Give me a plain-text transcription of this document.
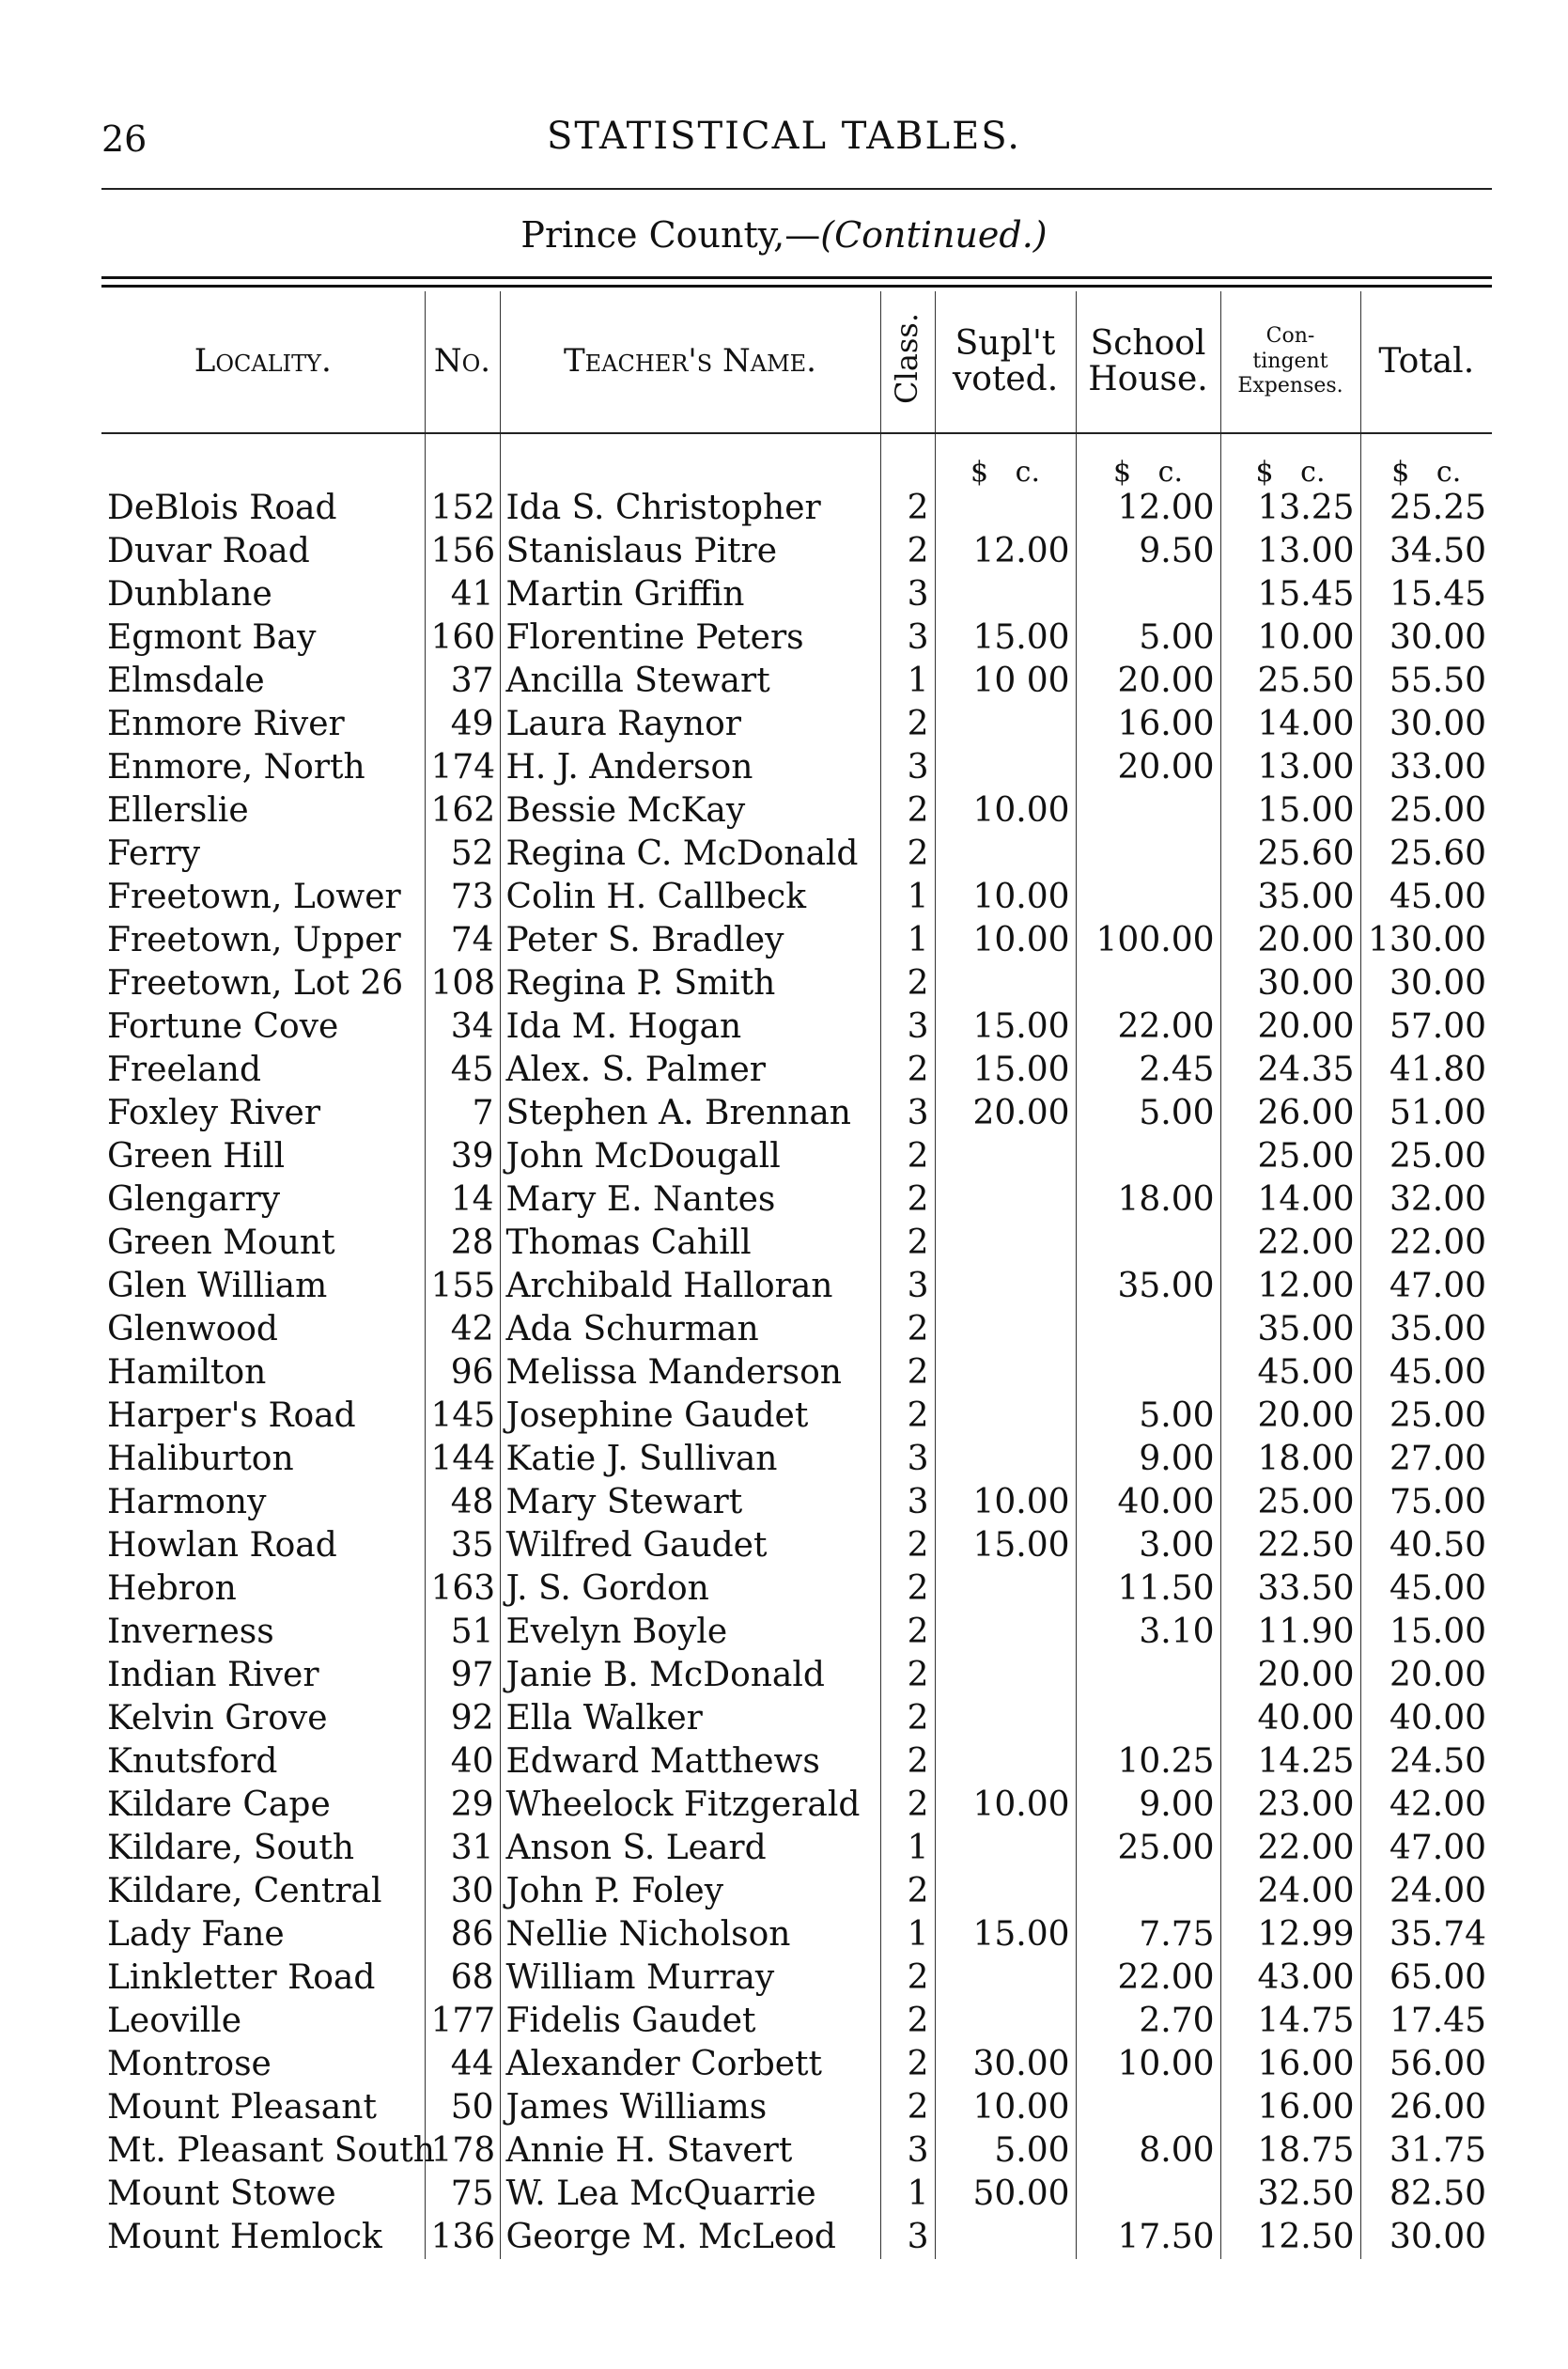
26	STATISTICAL TABLES.
Prince County,—(Continued.)
Locality.	No.	Teacher's Name.	Class.	Supl't
voted.	School
House.	Con-
tingent
Expenses.	Total.
				$ c.	$ c.	$ c.	$ c.
DeBlois Road	152	Ida S. Christopher	2		12.00	13.25	25.25
Duvar Road	156	Stanislaus Pitre	2	12.00	9.50	13.00	34.50
Dunblane	41	Martin Griffin	3			15.45	15.45
Egmont Bay	160	Florentine Peters	3	15.00	5.00	10.00	30.00
Elmsdale	37	Ancilla Stewart	1	10 00	20.00	25.50	55.50
Enmore River	49	Laura Raynor	2		16.00	14.00	30.00
Enmore, North	174	H. J. Anderson	3		20.00	13.00	33.00
Ellerslie	162	Bessie McKay	2	10.00		15.00	25.00
Ferry	52	Regina C. McDonald	2			25.60	25.60
Freetown, Lower	73	Colin H. Callbeck	1	10.00		35.00	45.00
Freetown, Upper	74	Peter S. Bradley	1	10.00	100.00	20.00	130.00
Freetown, Lot 26	108	Regina P. Smith	2			30.00	30.00
Fortune Cove	34	Ida M. Hogan	3	15.00	22.00	20.00	57.00
Freeland	45	Alex. S. Palmer	2	15.00	2.45	24.35	41.80
Foxley River	7	Stephen A. Brennan	3	20.00	5.00	26.00	51.00
Green Hill	39	John McDougall	2			25.00	25.00
Glengarry	14	Mary E. Nantes	2		18.00	14.00	32.00
Green Mount	28	Thomas Cahill	2			22.00	22.00
Glen William	155	Archibald Halloran	3		35.00	12.00	47.00
Glenwood	42	Ada Schurman	2			35.00	35.00
Hamilton	96	Melissa Manderson	2			45.00	45.00
Harper's Road	145	Josephine Gaudet	2		5.00	20.00	25.00
Haliburton	144	Katie J. Sullivan	3		9.00	18.00	27.00
Harmony	48	Mary Stewart	3	10.00	40.00	25.00	75.00
Howlan Road	35	Wilfred Gaudet	2	15.00	3.00	22.50	40.50
Hebron	163	J. S. Gordon	2		11.50	33.50	45.00
Inverness	51	Evelyn Boyle	2		3.10	11.90	15.00
Indian River	97	Janie B. McDonald	2			20.00	20.00
Kelvin Grove	92	Ella Walker	2			40.00	40.00
Knutsford	40	Edward Matthews	2		10.25	14.25	24.50
Kildare Cape	29	Wheelock Fitzgerald	2	10.00	9.00	23.00	42.00
Kildare, South	31	Anson S. Leard	1		25.00	22.00	47.00
Kildare, Central	30	John P. Foley	2			24.00	24.00
Lady Fane	86	Nellie Nicholson	1	15.00	7.75	12.99	35.74
Linkletter Road	68	William Murray	2		22.00	43.00	65.00
Leoville	177	Fidelis Gaudet	2		2.70	14.75	17.45
Montrose	44	Alexander Corbett	2	30.00	10.00	16.00	56.00
Mount Pleasant	50	James Williams	2	10.00		16.00	26.00
Mt. Pleasant South	178	Annie H. Stavert	3	5.00	8.00	18.75	31.75
Mount Stowe	75	W. Lea McQuarrie	1	50.00		32.50	82.50
Mount Hemlock	136	George M. McLeod	3		17.50	12.50	30.00
